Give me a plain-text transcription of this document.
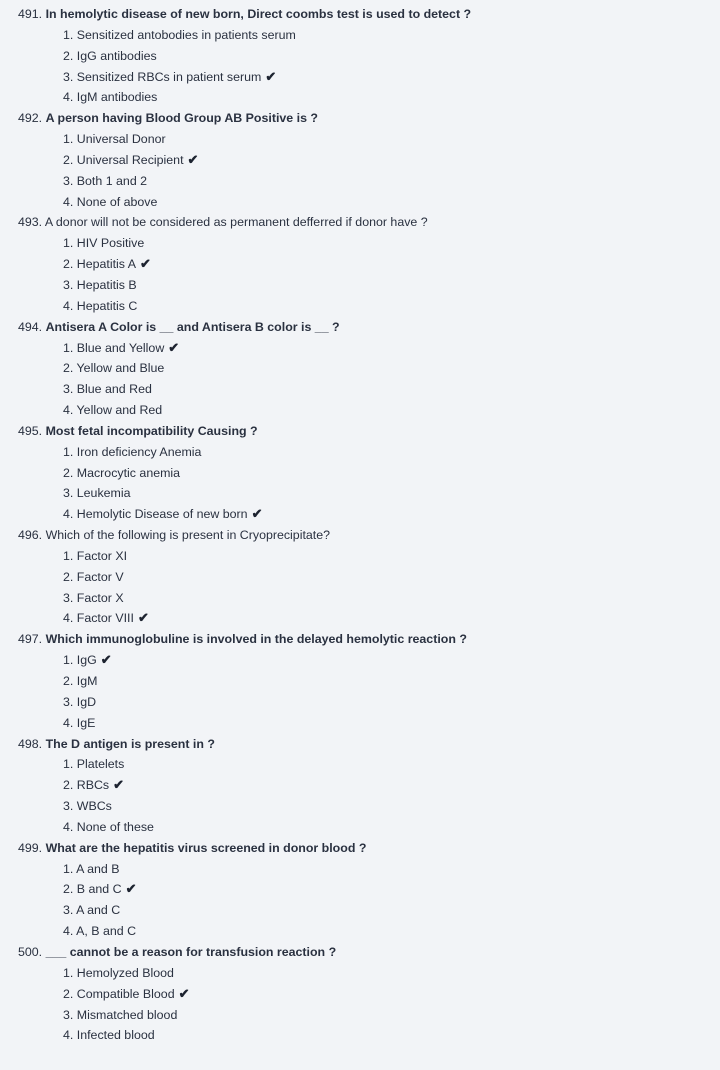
491. In hemolytic disease of new born, Direct coombs test is used to detect ?
1. Sensitized antobodies in patients serum
2. IgG antibodies
3. Sensitized RBCs in patient serum ✔
4. IgM antibodies
492. A person having Blood Group AB Positive is ?
1. Universal Donor
2. Universal Recipient ✔
3. Both 1 and 2
4. None of above
493. A donor will not be considered as permanent defferred if donor have ?
1. HIV Positive
2. Hepatitis A ✔
3. Hepatitis B
4. Hepatitis C
494. Antisera A Color is __ and Antisera B color is __ ?
1. Blue and Yellow ✔
2. Yellow and Blue
3. Blue and Red
4. Yellow and Red
495. Most fetal incompatibility Causing ?
1. Iron deficiency Anemia
2. Macrocytic anemia
3. Leukemia
4. Hemolytic Disease of new born ✔
496. Which of the following is present in Cryoprecipitate?
1. Factor XI
2. Factor V
3. Factor X
4. Factor VIII ✔
497. Which immunoglobuline is involved in the delayed hemolytic reaction ?
1. IgG ✔
2. IgM
3. IgD
4. IgE
498. The D antigen is present in ?
1. Platelets
2. RBCs ✔
3. WBCs
4. None of these
499. What are the hepatitis virus screened in donor blood ?
1. A and B
2. B and C ✔
3. A and C
4. A, B and C
500. ___ cannot be a reason for transfusion reaction ?
1. Hemolyzed Blood
2. Compatible Blood ✔
3. Mismatched blood
4. Infected blood
